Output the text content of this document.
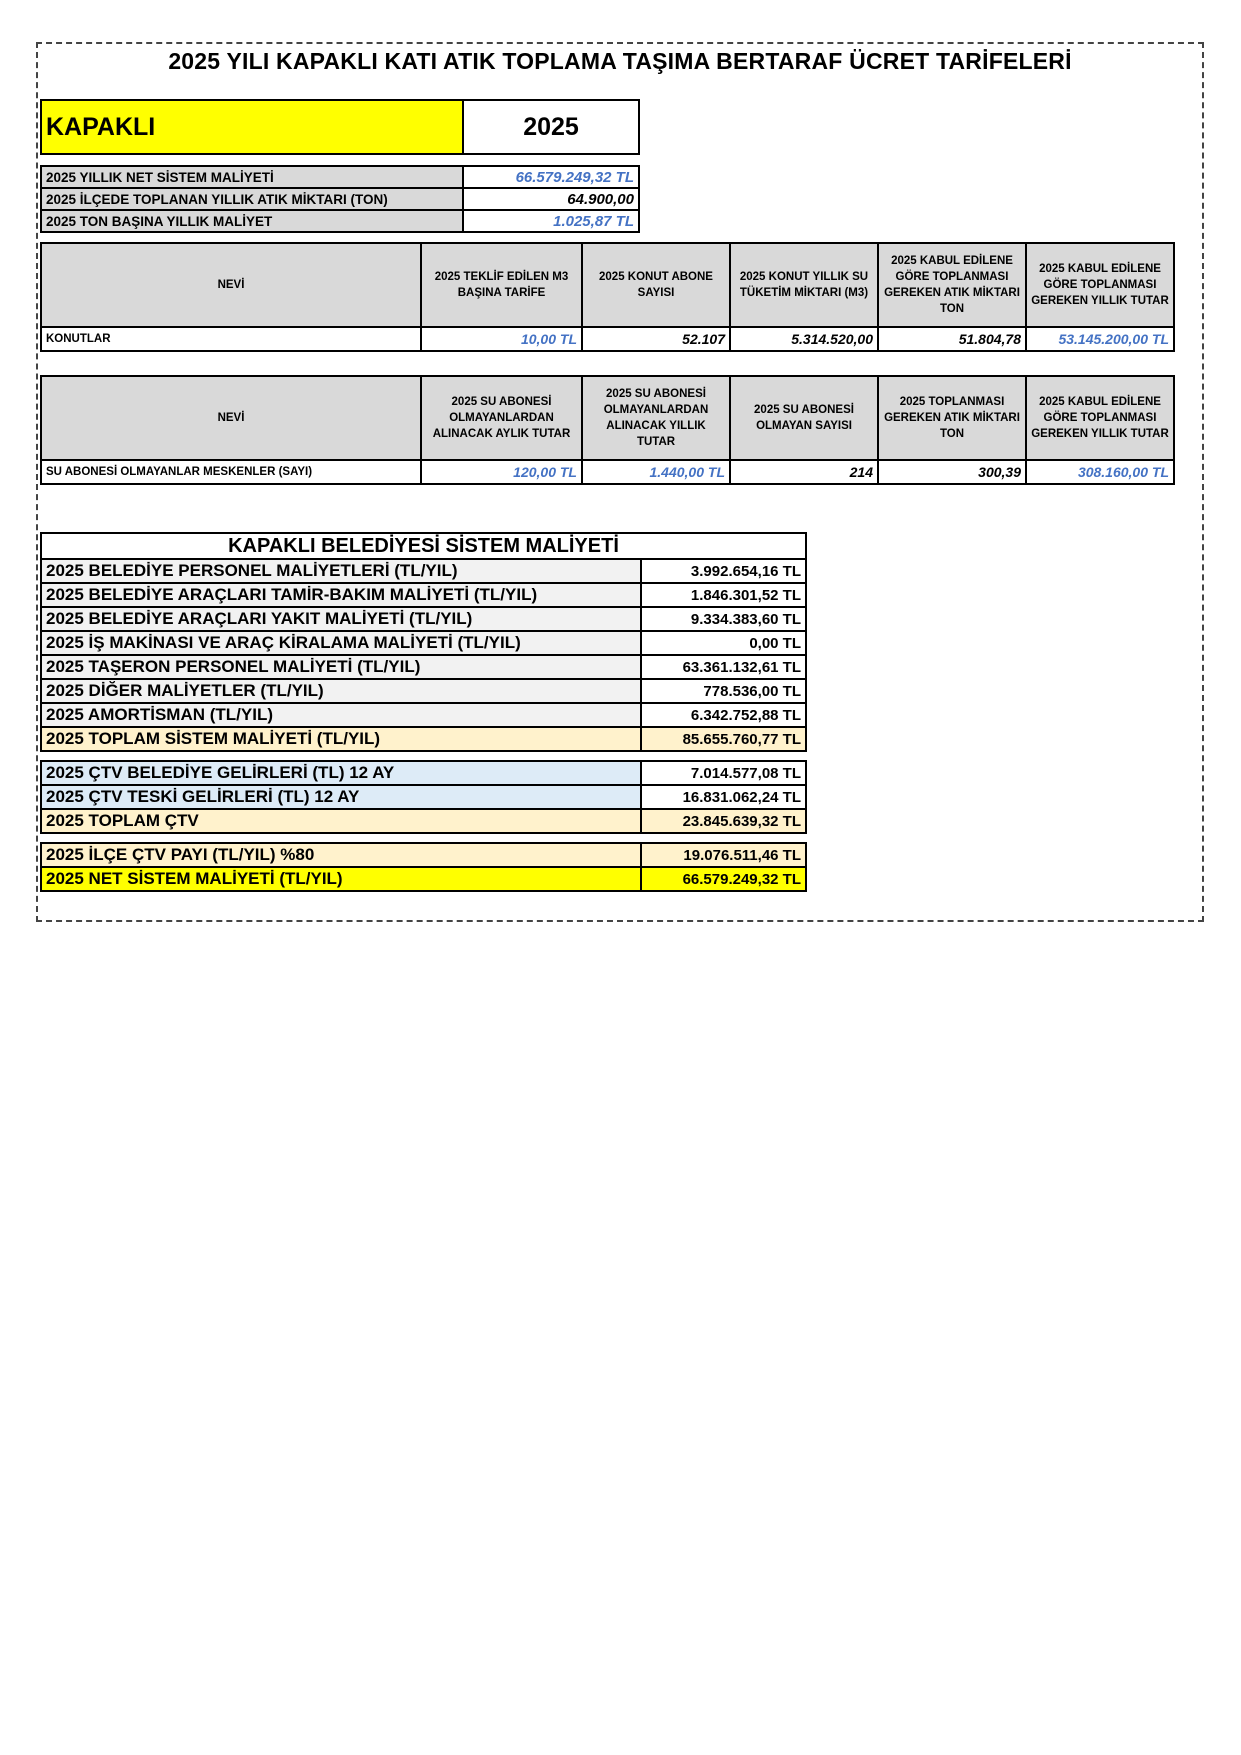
2025 YILI KAPAKLI KATI ATIK TOPLAMA TAŞIMA BERTARAF ÜCRET TARİFELERİ
KAPAKLI	2025
2025 YILLIK NET SİSTEM MALİYETİ	66.579.249,32 TL
2025 İLÇEDE TOPLANAN YILLIK ATIK MİKTARI (TON)	64.900,00
2025 TON BAŞINA YILLIK MALİYET	1.025,87 TL
NEVİ	2025 TEKLİF EDİLEN M3 BAŞINA TARİFE	2025 KONUT ABONE SAYISI	2025 KONUT YILLIK SU TÜKETİM MİKTARI (M3)	2025 KABUL EDİLENE GÖRE TOPLANMASI GEREKEN ATIK MİKTARI TON	2025 KABUL EDİLENE GÖRE TOPLANMASI GEREKEN YILLIK TUTAR
KONUTLAR	10,00 TL	52.107	5.314.520,00	51.804,78	53.145.200,00 TL
NEVİ	2025 SU ABONESİ OLMAYANLARDAN ALINACAK AYLIK TUTAR	2025 SU ABONESİ OLMAYANLARDAN ALINACAK YILLIK TUTAR	2025 SU ABONESİ OLMAYAN SAYISI	2025 TOPLANMASI GEREKEN ATIK MİKTARI TON	2025 KABUL EDİLENE GÖRE TOPLANMASI GEREKEN YILLIK TUTAR
SU ABONESİ OLMAYANLAR MESKENLER (SAYI)	120,00 TL	1.440,00 TL	214	300,39	308.160,00 TL
KAPAKLI BELEDİYESİ SİSTEM MALİYETİ	
2025 BELEDİYE PERSONEL MALİYETLERİ (TL/YIL)	3.992.654,16 TL
2025 BELEDİYE ARAÇLARI TAMİR-BAKIM MALİYETİ (TL/YIL)	1.846.301,52 TL
2025 BELEDİYE ARAÇLARI YAKIT MALİYETİ (TL/YIL)	9.334.383,60 TL
2025 İŞ MAKİNASI VE ARAÇ KİRALAMA MALİYETİ (TL/YIL)	0,00 TL
2025 TAŞERON PERSONEL MALİYETİ (TL/YIL)	63.361.132,61 TL
2025 DİĞER MALİYETLER (TL/YIL)	778.536,00 TL
2025 AMORTİSMAN (TL/YIL)	6.342.752,88 TL
2025 TOPLAM SİSTEM MALİYETİ (TL/YIL)	85.655.760,77 TL

2025 ÇTV BELEDİYE GELİRLERİ (TL) 12 AY	7.014.577,08 TL
2025 ÇTV TESKİ GELİRLERİ (TL) 12 AY	16.831.062,24 TL
2025 TOPLAM ÇTV	23.845.639,32 TL

2025 İLÇE ÇTV PAYI (TL/YIL) %80	19.076.511,46 TL
2025 NET SİSTEM MALİYETİ (TL/YIL)	66.579.249,32 TL
